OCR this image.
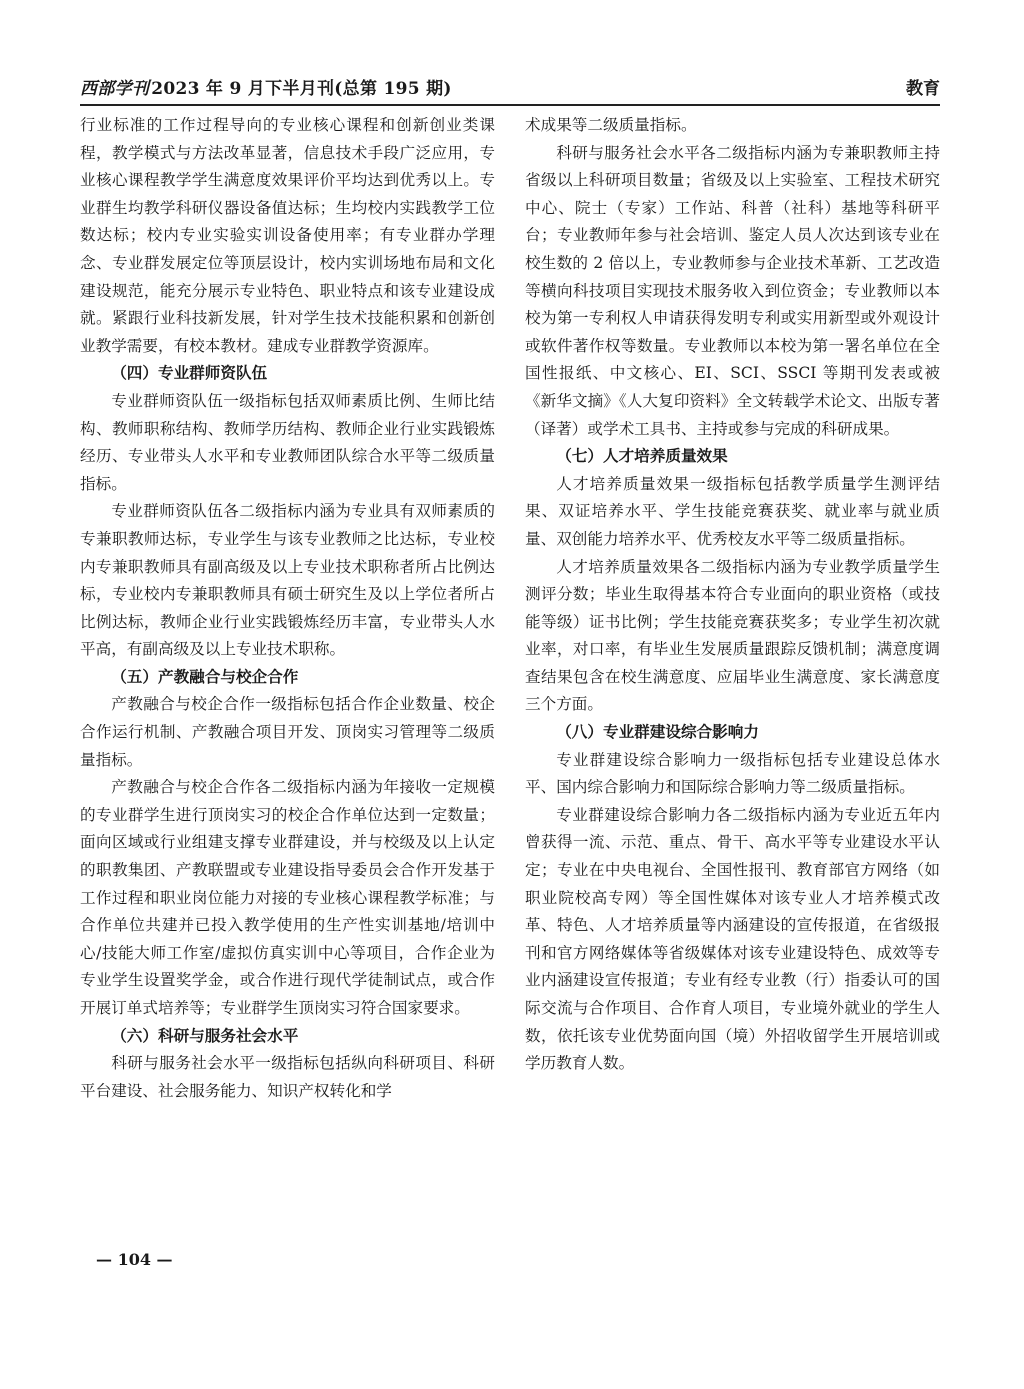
西部学刊 2023 年 9 月下半月刊(总第 195 期)	教育

行业标准的工作过程导向的专业核心课程和创新创业类课程，教学模式与方法改革显著，信息技术手段广泛应用，专业核心课程教学学生满意度效果评价平均达到优秀以上。专业群生均教学科研仪器设备值达标；生均校内实践教学工位数达标；校内专业实验实训设备使用率；有专业群办学理念、专业群发展定位等顶层设计，校内实训场地布局和文化建设规范，能充分展示专业特色、职业特点和该专业建设成就。紧跟行业科技新发展，针对学生技术技能积累和创新创业教学需要，有校本教材。建成专业群教学资源库。

（四）专业群师资队伍

专业群师资队伍一级指标包括双师素质比例、生师比结构、教师职称结构、教师学历结构、教师企业行业实践锻炼经历、专业带头人水平和专业教师团队综合水平等二级质量指标。

专业群师资队伍各二级指标内涵为专业具有双师素质的专兼职教师达标，专业学生与该专业教师之比达标，专业校内专兼职教师具有副高级及以上专业技术职称者所占比例达标，专业校内专兼职教师具有硕士研究生及以上学位者所占比例达标，教师企业行业实践锻炼经历丰富，专业带头人水平高，有副高级及以上专业技术职称。

（五）产教融合与校企合作

产教融合与校企合作一级指标包括合作企业数量、校企合作运行机制、产教融合项目开发、顶岗实习管理等二级质量指标。

产教融合与校企合作各二级指标内涵为年接收一定规模的专业群学生进行顶岗实习的校企合作单位达到一定数量；面向区域或行业组建支撑专业群建设，并与校级及以上认定的职教集团、产教联盟或专业建设指导委员会合作开发基于工作过程和职业岗位能力对接的专业核心课程教学标准；与合作单位共建并已投入教学使用的生产性实训基地/培训中心/技能大师工作室/虚拟仿真实训中心等项目，合作企业为专业学生设置奖学金，或合作进行现代学徒制试点，或合作开展订单式培养等；专业群学生顶岗实习符合国家要求。

（六）科研与服务社会水平

科研与服务社会水平一级指标包括纵向科研项目、科研平台建设、社会服务能力、知识产权转化和学

术成果等二级质量指标。

科研与服务社会水平各二级指标内涵为专兼职教师主持省级以上科研项目数量；省级及以上实验室、工程技术研究中心、院士（专家）工作站、科普（社科）基地等科研平台；专业教师年参与社会培训、鉴定人员人次达到该专业在校生数的 2 倍以上，专业教师参与企业技术革新、工艺改造等横向科技项目实现技术服务收入到位资金；专业教师以本校为第一专利权人申请获得发明专利或实用新型或外观设计或软件著作权等数量。专业教师以本校为第一署名单位在全国性报纸、中文核心、EI、SCI、SSCI 等期刊发表或被《新华文摘》《人大复印资料》全文转载学术论文、出版专著（译著）或学术工具书、主持或参与完成的科研成果。

（七）人才培养质量效果

人才培养质量效果一级指标包括教学质量学生测评结果、双证培养水平、学生技能竞赛获奖、就业率与就业质量、双创能力培养水平、优秀校友水平等二级质量指标。

人才培养质量效果各二级指标内涵为专业教学质量学生测评分数；毕业生取得基本符合专业面向的职业资格（或技能等级）证书比例；学生技能竞赛获奖多；专业学生初次就业率，对口率，有毕业生发展质量跟踪反馈机制；满意度调查结果包含在校生满意度、应届毕业生满意度、家长满意度三个方面。

（八）专业群建设综合影响力

专业群建设综合影响力一级指标包括专业建设总体水平、国内综合影响力和国际综合影响力等二级质量指标。

专业群建设综合影响力各二级指标内涵为专业近五年内曾获得一流、示范、重点、骨干、高水平等专业建设水平认定；专业在中央电视台、全国性报刊、教育部官方网络（如职业院校高专网）等全国性媒体对该专业人才培养模式改革、特色、人才培养质量等内涵建设的宣传报道，在省级报刊和官方网络媒体等省级媒体对该专业建设特色、成效等专业内涵建设宣传报道；专业有经专业教（行）指委认可的国际交流与合作项目、合作育人项目，专业境外就业的学生人数，依托该专业优势面向国（境）外招收留学生开展培训或学历教育人数。

— 104 —
